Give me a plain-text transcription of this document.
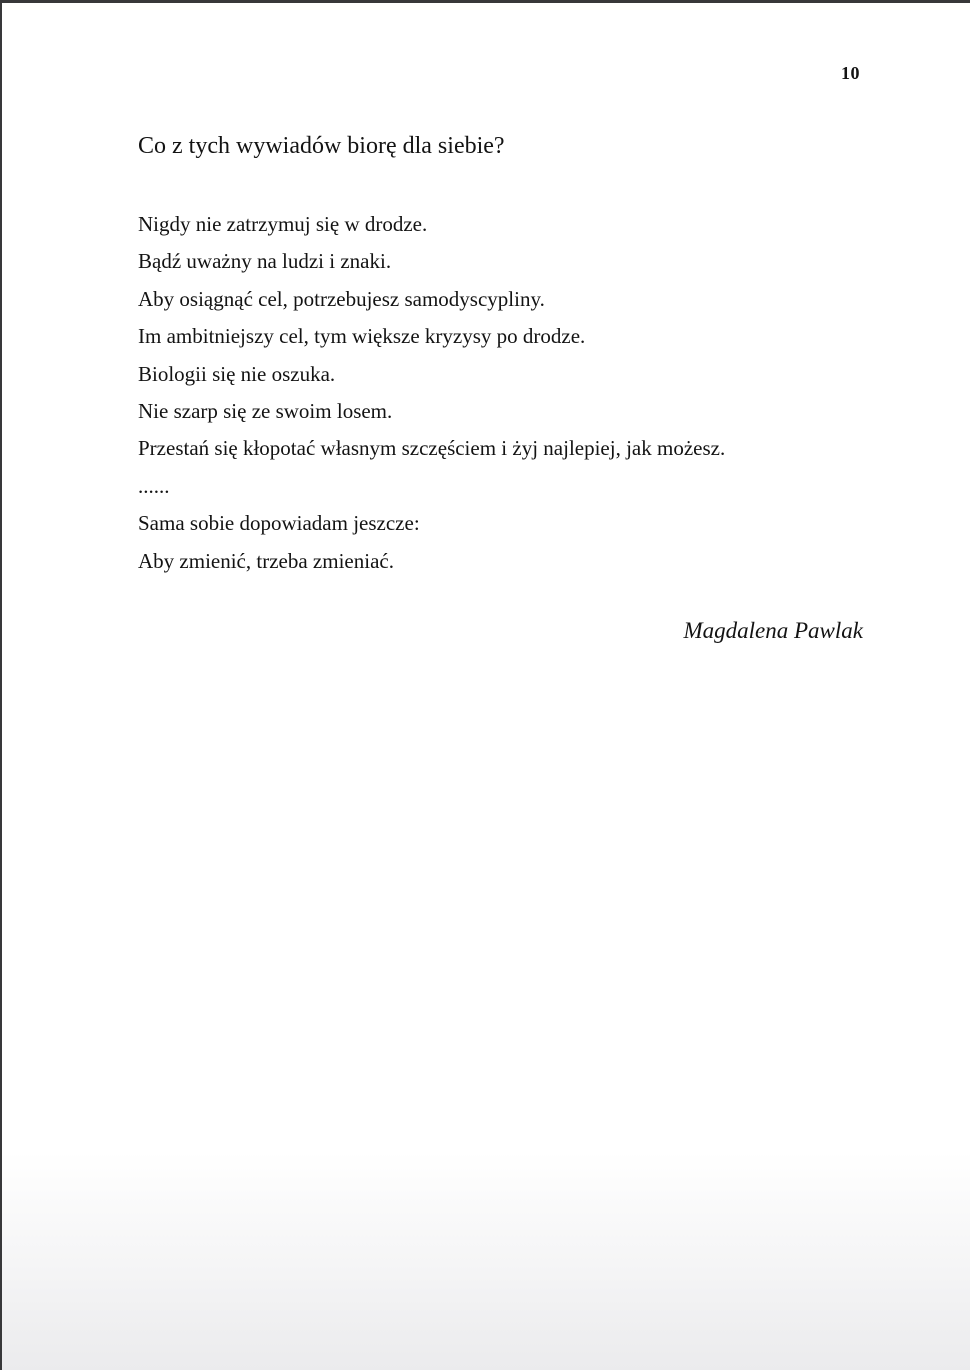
10
Co z tych wywiadów biorę dla siebie?
Nigdy nie zatrzymuj się w drodze.
Bądź uważny na ludzi i znaki.
Aby osiągnąć cel, potrzebujesz samodyscypliny.
Im ambitniejszy cel, tym większe kryzysy po drodze.
Biologii się nie oszuka.
Nie szarp się ze swoim losem.
Przestań się kłopotać własnym szczęściem i żyj najlepiej, jak możesz.
......
Sama sobie dopowiadam jeszcze:
Aby zmienić, trzeba zmieniać.
Magdalena Pawlak
